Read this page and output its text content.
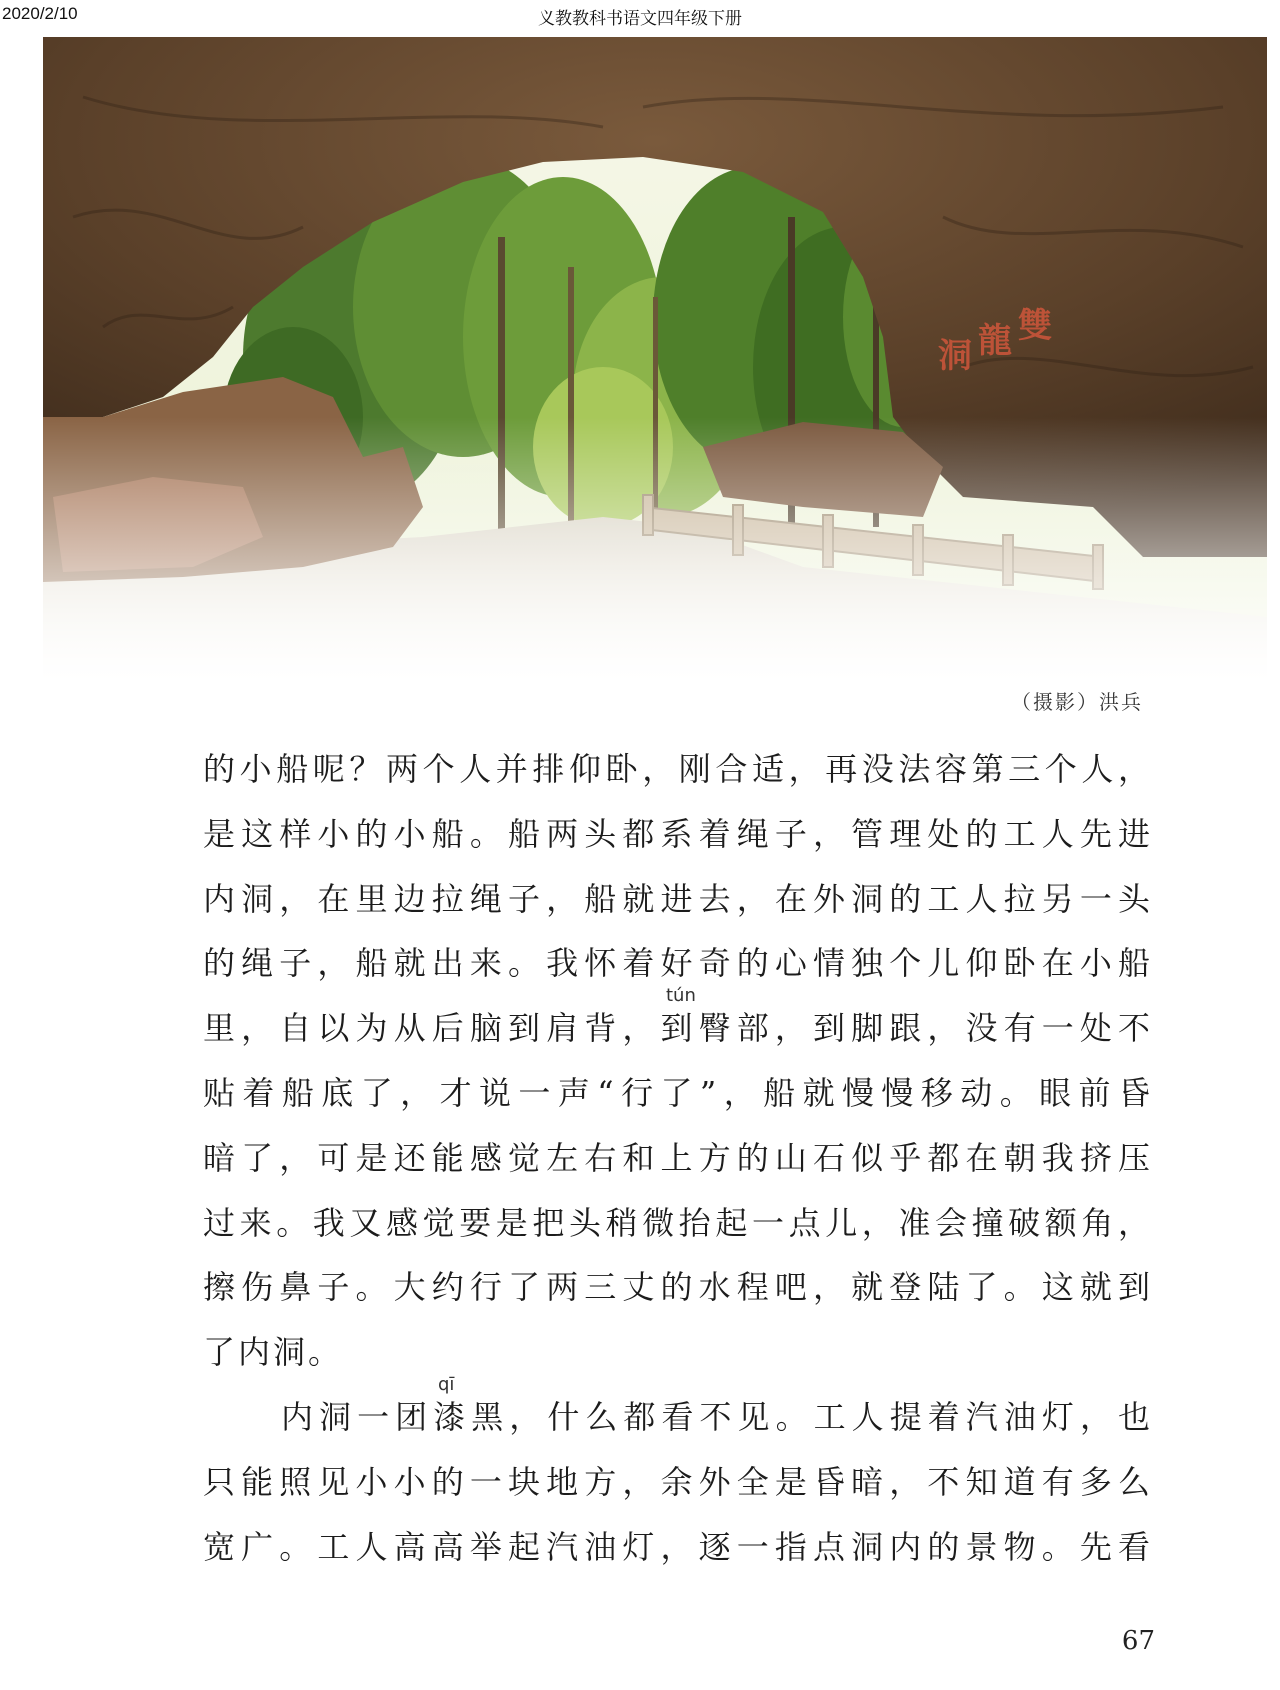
2020/2/10	义教教科书语文四年级下册
洞 龍 雙
（摄影）洪兵
的小船呢？两个人并排仰卧，刚合适，再没法容第三个人，
是这样小的小船。船两头都系着绳子，管理处的工人先进
内洞，在里边拉绳子，船就进去，在外洞的工人拉另一头
的绳子，船就出来。我怀着好奇的心情独个儿仰卧在小船
tún
里，自以为从后脑到肩背，到臀部，到脚跟，没有一处不
贴着船底了，才说一声“行了”，船就慢慢移动。眼前昏
暗了，可是还能感觉左右和上方的山石似乎都在朝我挤压
过来。我又感觉要是把头稍微抬起一点儿，准会撞破额角，
擦伤鼻子。大约行了两三丈的水程吧，就登陆了。这就到
了内洞。
qī
内洞一团漆黑，什么都看不见。工人提着汽油灯，也
只能照见小小的一块地方，余外全是昏暗，不知道有多么
宽广。工人高高举起汽油灯，逐一指点洞内的景物。先看
67
